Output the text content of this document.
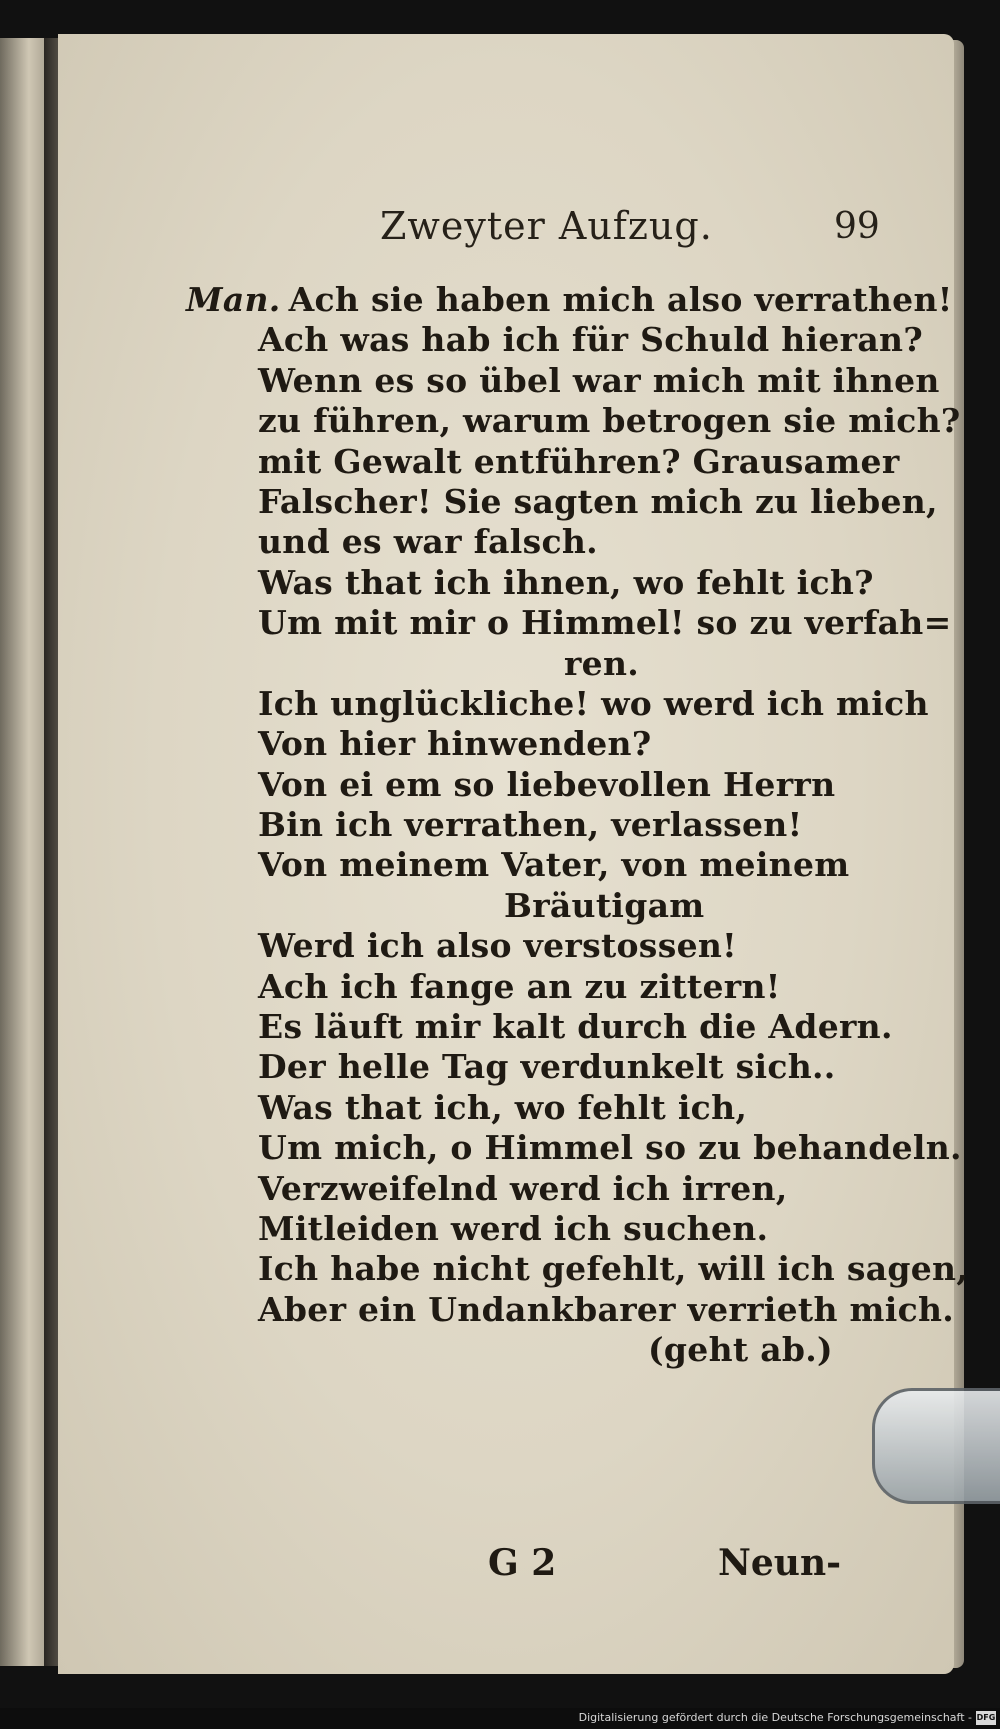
Zweyter Aufzug.	99
Man. Ach sie haben mich also verrathen!
Ach was hab ich für Schuld hieran?
Wenn es so übel war mich mit ihnen
zu führen, warum betrogen sie mich?
mit Gewalt entführen? Grausamer
Falscher! Sie sagten mich zu lieben,
und es war falsch.
Was that ich ihnen, wo fehlt ich?
Um mit mir o Himmel! so zu verfah=
ren.
Ich unglückliche! wo werd ich mich
Von hier hinwenden?
Von ei em so liebevollen Herrn
Bin ich verrathen, verlassen!
Von meinem Vater, von meinem
Bräutigam
Werd ich also verstossen!
Ach ich fange an zu zittern!
Es läuft mir kalt durch die Adern.
Der helle Tag verdunkelt sich..
Was that ich, wo fehlt ich,
Um mich, o Himmel so zu behandeln.
Verzweifelnd werd ich irren,
Mitleiden werd ich suchen.
Ich habe nicht gefehlt, will ich sagen,
Aber ein Undankbarer verrieth mich.
(geht ab.)
G 2	Neun-
Digitalisierung gefördert durch die Deutsche Forschungsgemeinschaft - DFG
